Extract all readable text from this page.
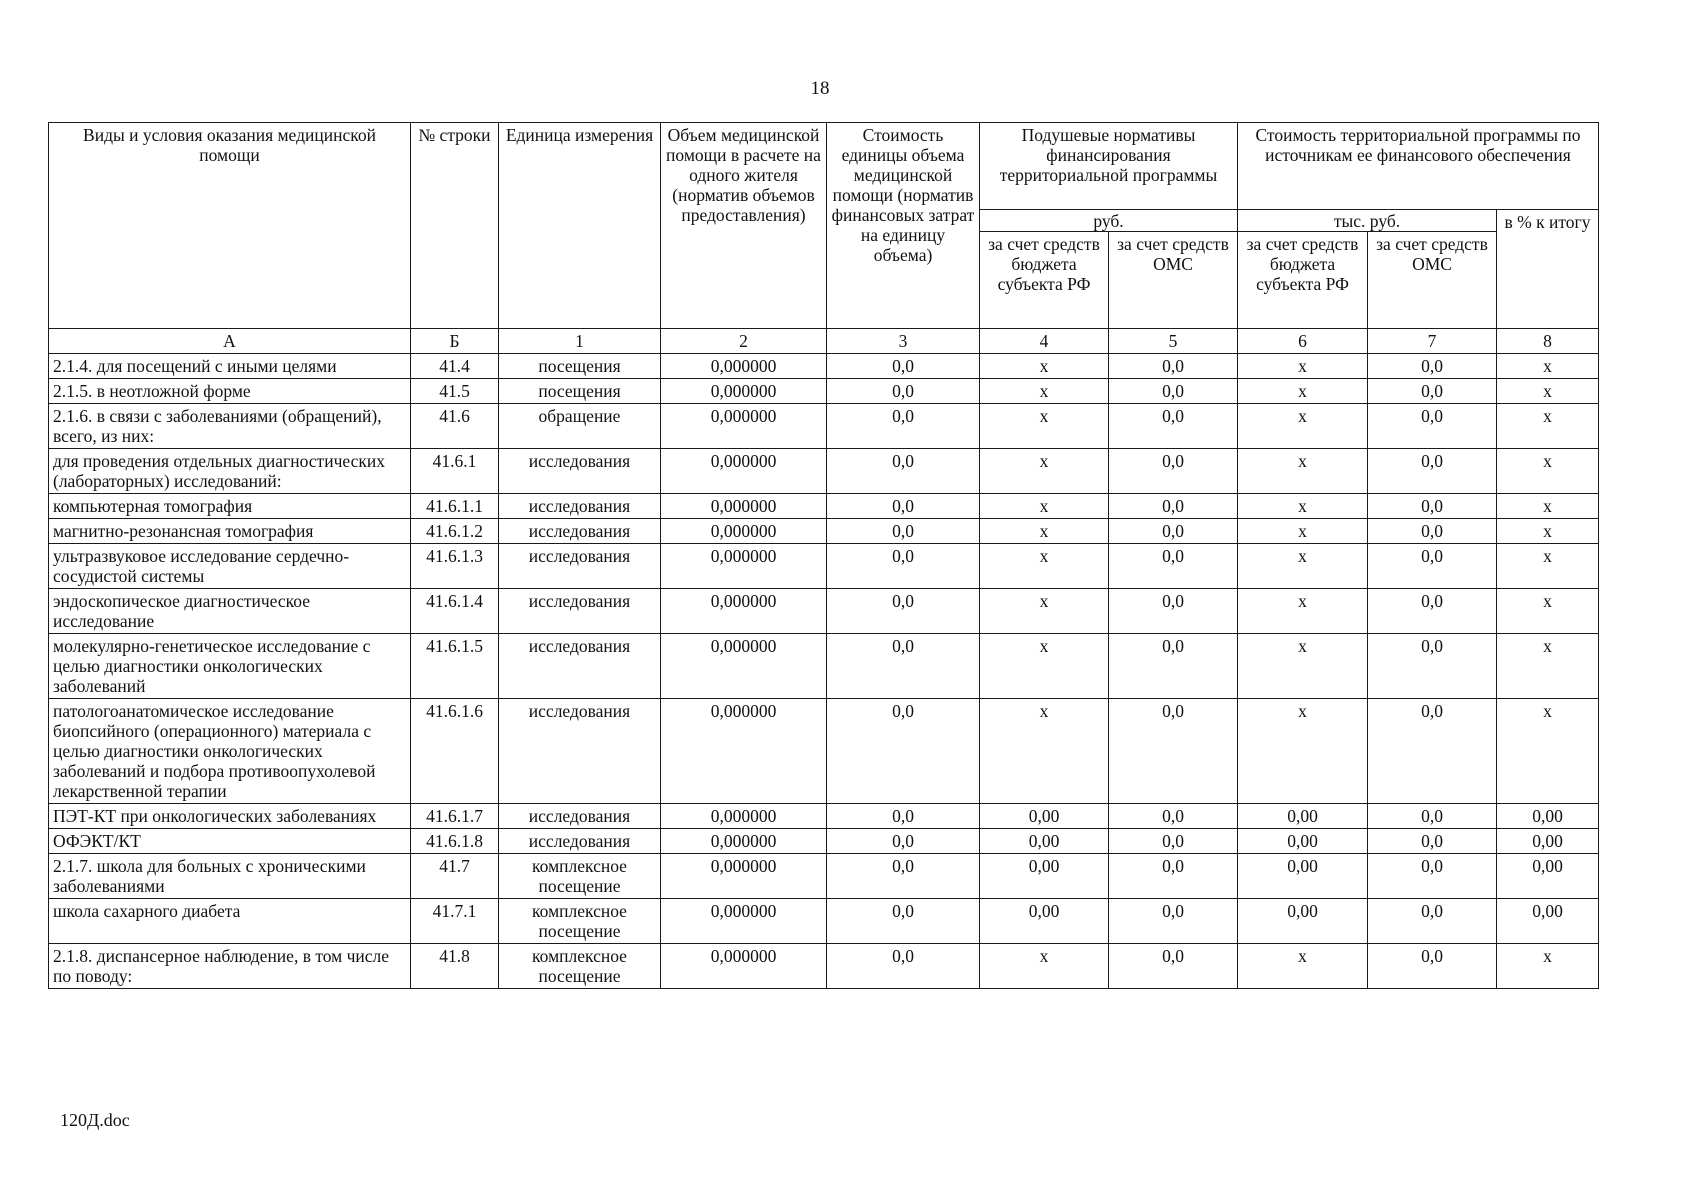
18
Виды и условия оказания медицинской помощи	№ строки	Единица измерения	Объем медицинской помощи в расчете на одного жителя (норматив объемов предоставления)	Стоимость единицы объема медицинской помощи (норматив финансовых затрат на единицу объема)	Подушевые нормативы финансирования территориальной программы		Стоимость территориальной программы по источникам ее финансового обеспечения		
					руб.		тыс. руб.		в % к итогу
					за счет средств бюджета субъекта РФ	за счет средств ОМС	за счет средств бюджета субъекта РФ	за счет средств ОМС	
А	Б	1	2	3	4	5	6	7	8
2.1.4. для посещений с иными целями	41.4	посещения	0,000000	0,0	х	0,0	х	0,0	х
2.1.5. в неотложной форме	41.5	посещения	0,000000	0,0	х	0,0	х	0,0	х
2.1.6. в связи с заболеваниями (обращений), всего, из них:	41.6	обращение	0,000000	0,0	х	0,0	х	0,0	х
для проведения отдельных диагностических (лабораторных) исследований:	41.6.1	исследования	0,000000	0,0	х	0,0	х	0,0	х
компьютерная томография	41.6.1.1	исследования	0,000000	0,0	х	0,0	х	0,0	х
магнитно-резонансная томография	41.6.1.2	исследования	0,000000	0,0	х	0,0	х	0,0	х
ультразвуковое исследование сердечно-сосудистой системы	41.6.1.3	исследования	0,000000	0,0	х	0,0	х	0,0	х
эндоскопическое диагностическое исследование	41.6.1.4	исследования	0,000000	0,0	х	0,0	х	0,0	х
молекулярно-генетическое исследование с целью диагностики онкологических заболеваний	41.6.1.5	исследования	0,000000	0,0	х	0,0	х	0,0	х
патологоанатомическое исследование биопсийного (операционного) материала с целью диагностики онкологических заболеваний и подбора противоопухолевой лекарственной терапии	41.6.1.6	исследования	0,000000	0,0	х	0,0	х	0,0	х
ПЭТ-КТ при онкологических заболеваниях	41.6.1.7	исследования	0,000000	0,0	0,00	0,0	0,00	0,0	0,00
ОФЭКТ/КТ	41.6.1.8	исследования	0,000000	0,0	0,00	0,0	0,00	0,0	0,00
2.1.7. школа для больных с хроническими заболеваниями	41.7	комплексное посещение	0,000000	0,0	0,00	0,0	0,00	0,0	0,00
школа сахарного диабета	41.7.1	комплексное посещение	0,000000	0,0	0,00	0,0	0,00	0,0	0,00
2.1.8. диспансерное наблюдение, в том числе по поводу:	41.8	комплексное посещение	0,000000	0,0	х	0,0	х	0,0	х
120Д.doc
